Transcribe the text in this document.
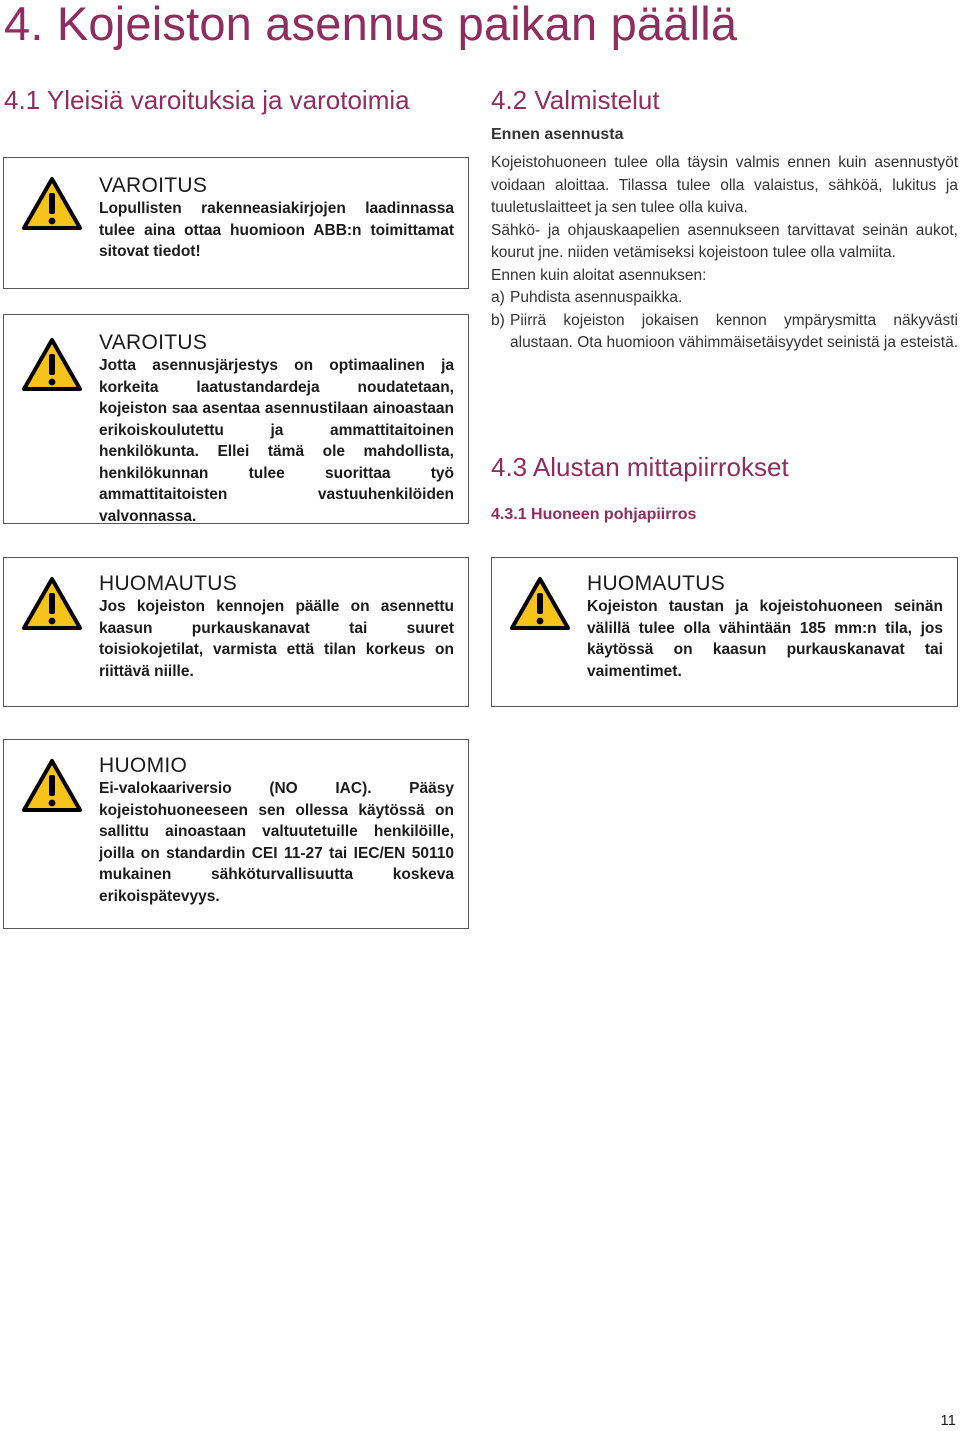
4. Kojeiston asennus paikan päällä
4.1 Yleisiä varoituksia ja varotoimia
VAROITUS
Lopullisten rakenneasiakirjojen laadinnassa tulee aina ottaa huomioon ABB:n toimittamat sitovat tiedot!
VAROITUS
Jotta asennusjärjestys on optimaalinen ja korkeita laatustandardeja noudatetaan, kojeiston saa asentaa asennustilaan ainoastaan erikoiskoulutettu ja ammattitaitoinen henkilökunta. Ellei tämä ole mahdollista, henkilökunnan tulee suorittaa työ ammattitaitoisten vastuuhenkilöiden valvonnassa.
4.2 Valmistelut
Ennen asennusta

Kojeistohuoneen tulee olla täysin valmis ennen kuin asennustyöt voidaan aloittaa. Tilassa tulee olla valaistus, sähköä, lukitus ja tuuletuslaitteet ja sen tulee olla kuiva.

Sähkö- ja ohjauskaapelien asennukseen tarvittavat seinän aukot, kourut jne. niiden vetämiseksi kojeistoon tulee olla valmiita.

Ennen kuin aloitat asennuksen:

a) Puhdista asennuspaikka.
b) Piirrä kojeiston jokaisen kennon ympärysmitta näkyvästi alustaan. Ota huomioon vähimmäisetäisyydet seinistä ja esteistä.
4.3 Alustan mittapiirrokset
4.3.1 Huoneen pohjapiirros
HUOMAUTUS
Jos kojeiston kennojen päälle on asennettu kaasun purkauskanavat tai suuret toisiokojetilat, varmista että tilan korkeus on riittävä niille.
HUOMAUTUS
Kojeiston taustan ja kojeistohuoneen seinän välillä tulee olla vähintään 185 mm:n tila, jos käytössä on kaasun purkauskanavat tai vaimentimet.
HUOMIO
Ei-valokaariversio (NO IAC). Pääsy kojeistohuoneeseen sen ollessa käytössä on sallittu ainoastaan valtuutetuille henkilöille, joilla on standardin CEI 11-27 tai IEC/EN 50110 mukainen sähköturvallisuutta koskeva erikoispätevyys.
11
